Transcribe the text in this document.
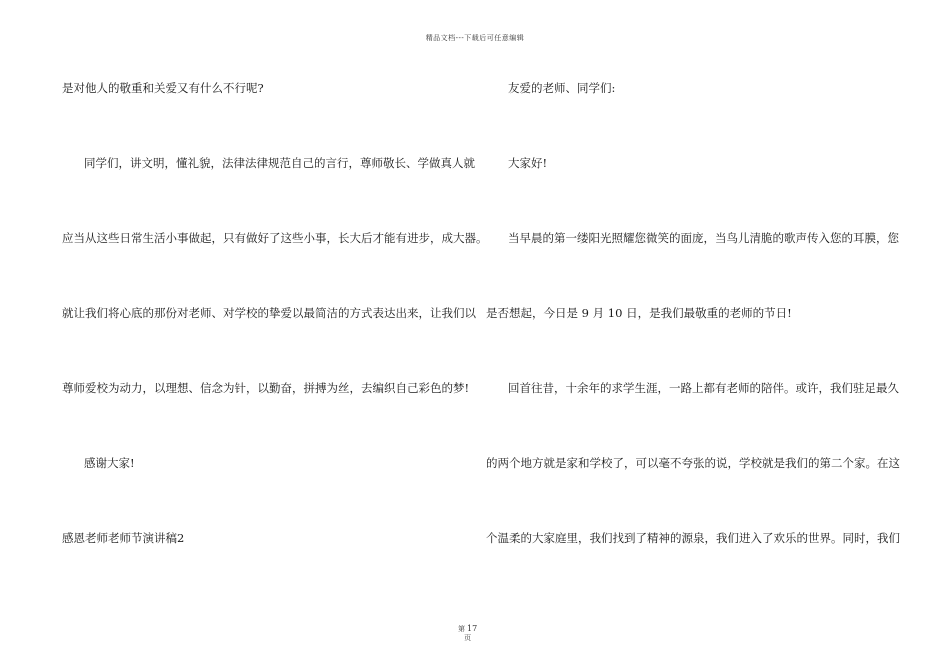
精品文档---下载后可任意编辑
是对他人的敬重和关爱又有什么不行呢?
同学们，讲文明，懂礼貌，法律法律规范自己的言行，尊师敬长、学做真人就
应当从这些日常生活小事做起，只有做好了这些小事，长大后才能有进步，成大器。
就让我们将心底的那份对老师、对学校的挚爱以最简洁的方式表达出来，让我们以
尊师爱校为动力，以理想、信念为针，以勤奋，拼搏为丝，去编织自己彩色的梦!
感谢大家!
感恩老师老师节演讲稿2
友爱的老师、同学们:
大家好!
当早晨的第一缕阳光照耀您微笑的面庞，当鸟儿清脆的歌声传入您的耳膜，您
是否想起，今日是 9 月 10 日，是我们最敬重的老师的节日!
回首往昔，十余年的求学生涯，一路上都有老师的陪伴。或许，我们驻足最久
的两个地方就是家和学校了，可以毫不夸张的说，学校就是我们的第二个家。在这
个温柔的大家庭里，我们找到了精神的源泉，我们进入了欢乐的世界。同时，我们
第 17
页
